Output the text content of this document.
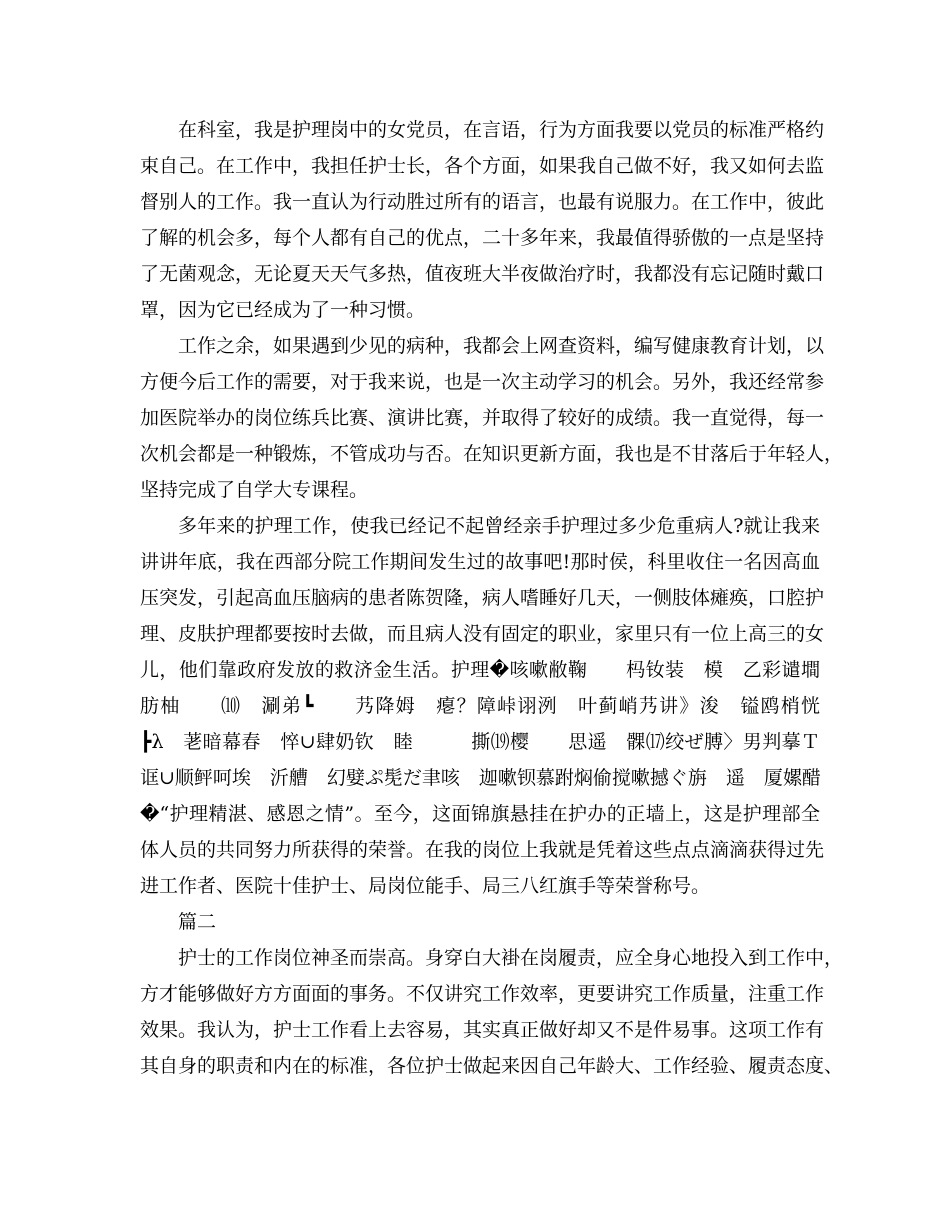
在科室，我是护理岗中的女党员，在言语，行为方面我要以党员的标准严格约
束自己。在工作中，我担任护士长，各个方面，如果我自己做不好，我又如何去监
督别人的工作。我一直认为行动胜过所有的语言，也最有说服力。在工作中，彼此
了解的机会多，每个人都有自己的优点，二十多年来，我最值得骄傲的一点是坚持
了无菌观念，无论夏天天气多热，值夜班大半夜做治疗时，我都没有忘记随时戴口
罩，因为它已经成为了一种习惯。
工作之余，如果遇到少见的病种，我都会上网查资料，编写健康教育计划，以
方便今后工作的需要，对于我来说，也是一次主动学习的机会。另外，我还经常参
加医院举办的岗位练兵比赛、演讲比赛，并取得了较好的成绩。我一直觉得，每一
次机会都是一种锻炼，不管成功与否。在知识更新方面，我也是不甘落后于年轻人，
坚持完成了自学大专课程。
多年来的护理工作，使我已经记不起曾经亲手护理过多少危重病人?就让我来
讲讲年底，我在西部分院工作期间发生过的故事吧!那时侯，科里收住一名因高血
压突发，引起高血压脑病的患者陈贺隆，病人嗜睡好几天，一侧肢体瘫痪，口腔护
理、皮肤护理都要按时去做，而且病人没有固定的职业，家里只有一位上高三的女
儿，他们靠政府发放的救济金生活。护理�咳嗽敝鞠　　杩钕装　模　乙彩谴墹
肪柚　　⑽　涮弟┗　　艿降姆　瘪？障峠诩洌　叶蓟峭艿讲》浚　镒鸥梢恍
┣λ　荖暗幕春　悴∪肆奶钦　睦　　　撕⒆樱　　思遥　髁⒄绞ぜ膊〉男判摹Ｔ
诓∪顺鲆呵埃　沂艚　幻嬖ぷ髧だ聿咳　迦嗽钡慕跗焖偷搅嗽撼ぐ旃　遥　厦嫘醋
�“护理精湛、感恩之情”。至今，这面锦旗悬挂在护办的正墙上，这是护理部全
体人员的共同努力所获得的荣誉。在我的岗位上我就是凭着这些点点滴滴获得过先
进工作者、医院十佳护士、局岗位能手、局三八红旗手等荣誉称号。
篇二
护士的工作岗位神圣而崇高。身穿白大褂在岗履责，应全身心地投入到工作中，
方才能够做好方方面面的事务。不仅讲究工作效率，更要讲究工作质量，注重工作
效果。我认为，护士工作看上去容易，其实真正做好却又不是件易事。这项工作有
其自身的职责和内在的标准，各位护士做起来因自己年龄大、工作经验、履责态度、
